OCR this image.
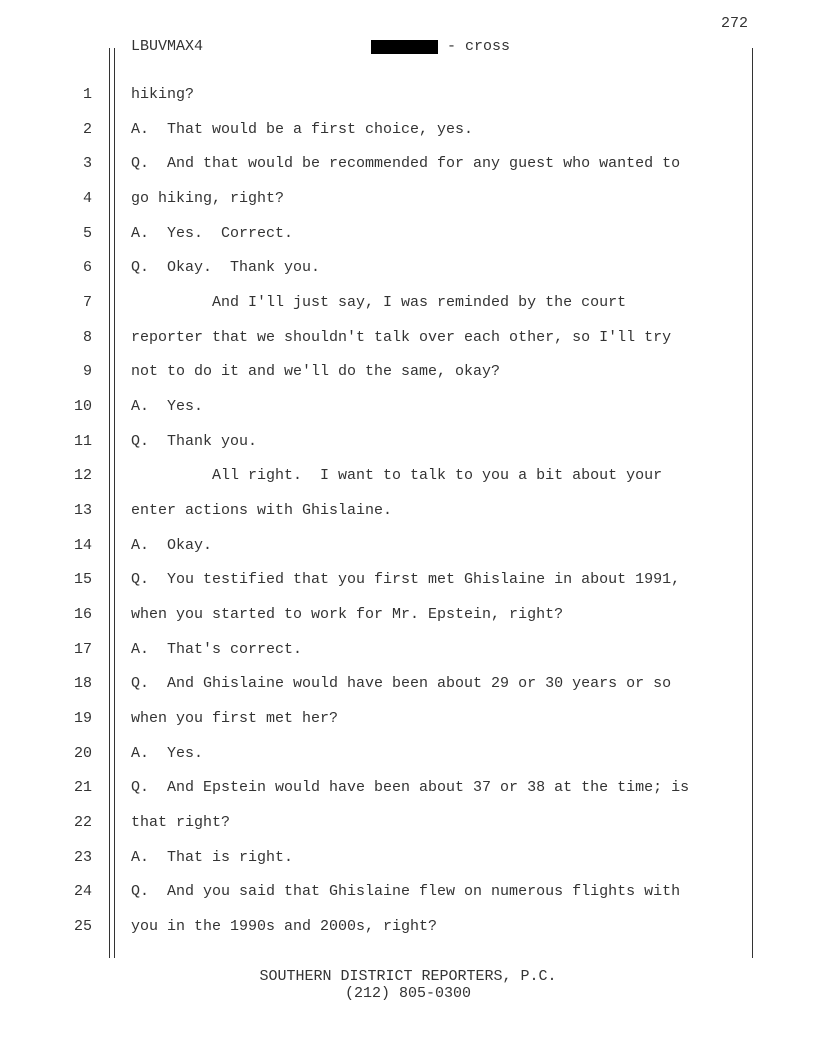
272
LBUVMAX4	- cross
1	hiking?
2	A.  That would be a first choice, yes.
3	Q.  And that would be recommended for any guest who wanted to
4	go hiking, right?
5	A.  Yes.  Correct.
6	Q.  Okay.  Thank you.
7	And I'll just say, I was reminded by the court
8	reporter that we shouldn't talk over each other, so I'll try
9	not to do it and we'll do the same, okay?
10	A.  Yes.
11	Q.  Thank you.
12	All right.  I want to talk to you a bit about your
13	enter actions with Ghislaine.
14	A.  Okay.
15	Q.  You testified that you first met Ghislaine in about 1991,
16	when you started to work for Mr. Epstein, right?
17	A.  That's correct.
18	Q.  And Ghislaine would have been about 29 or 30 years or so
19	when you first met her?
20	A.  Yes.
21	Q.  And Epstein would have been about 37 or 38 at the time; is
22	that right?
23	A.  That is right.
24	Q.  And you said that Ghislaine flew on numerous flights with
25	you in the 1990s and 2000s, right?
SOUTHERN DISTRICT REPORTERS, P.C.
(212) 805-0300
